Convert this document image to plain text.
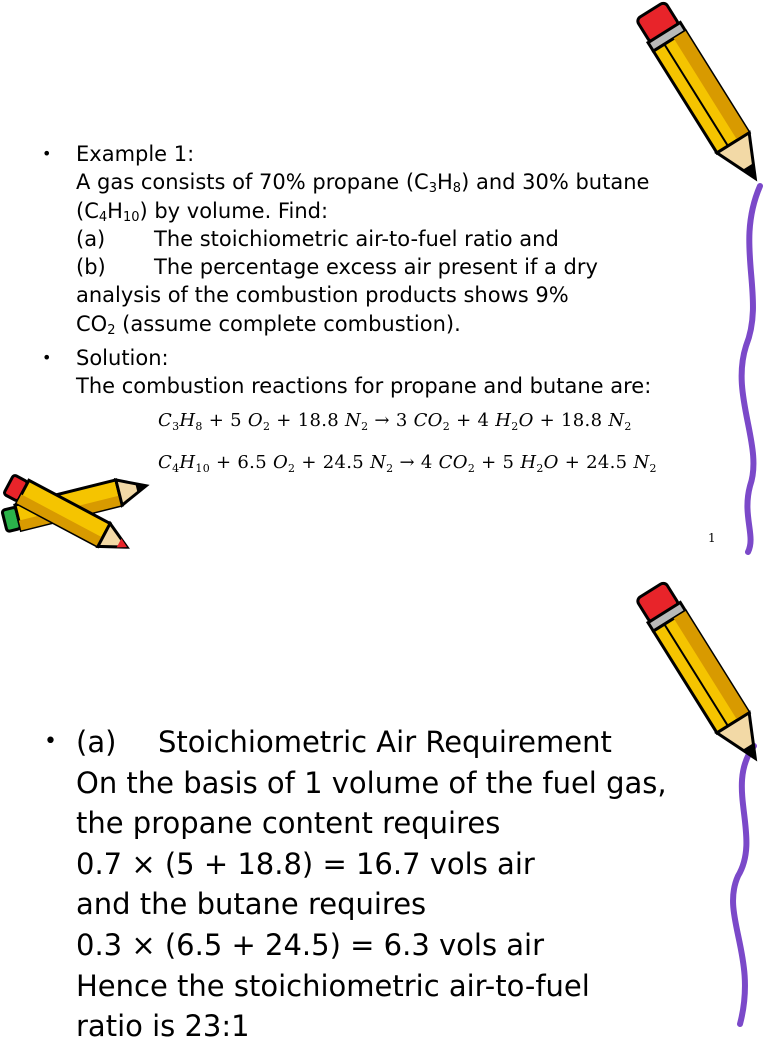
•	Example 1:
A gas consists of 70% propane $(C_3H_8)$ and 30% butane
$(C_4H_{10})$ by volume. Find:
(a) The stoichiometric air-to-fuel ratio and
(b) The percentage excess air present if a dry
analysis of the combustion products shows 9%
$CO_2$ (assume complete combustion).
•	Solution:
The combustion reactions for propane and butane are:
$C_3H_8 + 5$ $O_2 + 18.8$ $N_2 \to 3$ $CO_2 + 4$ $H_2O + 18.8$ $N_2$
$C_4H_{10} + 6.5$ $O_2 + 24.5$ $N_2 \to 4$ $CO_2 + 5$ $H_2O + 24.5$ $N_2$
1
• (a) Stoichiometric Air Requirement
On the basis of 1 volume of the fuel gas,
the propane content requires
0.7 × (5 + 18.8) = 16.7 vols air
and the butane requires
0.3 × (6.5 + 24.5) = 6.3 vols air
Hence the stoichiometric air-to-fuel
ratio is 23:1
